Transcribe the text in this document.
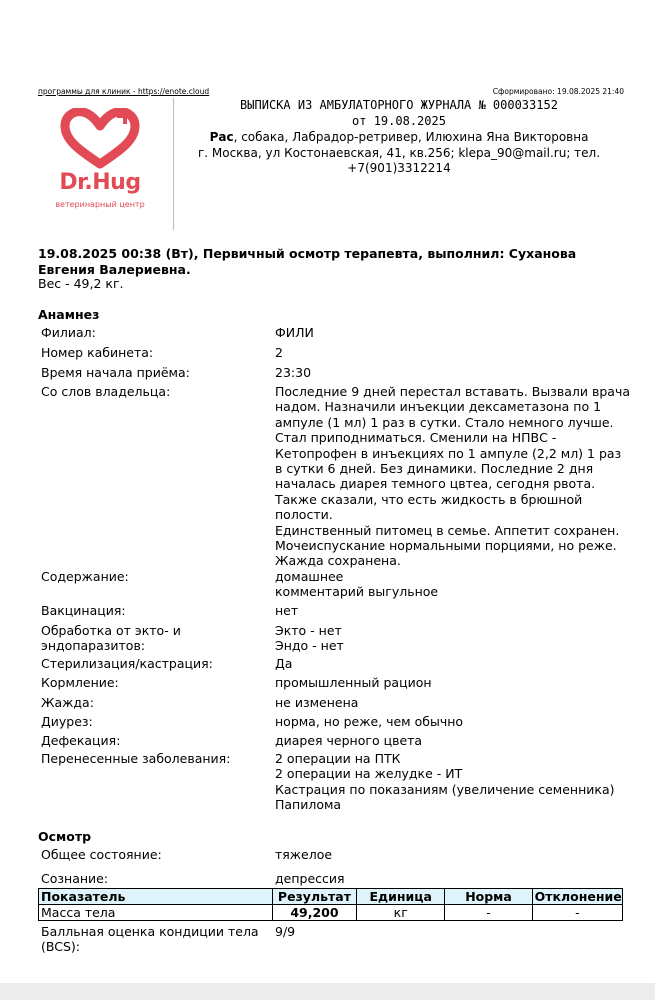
программы для клиник - https://enote.cloud	Сформировано: 19.08.2025 21:40
Dr.Hug
ветеринарный центр
ВЫПИСКА ИЗ АМБУЛАТОРНОГО ЖУРНАЛА № 000033152
от 19.08.2025
Рас, собака, Лабрадор-ретривер, Илюхина Яна Викторовна
г. Москва, ул Костонаевская, 41, кв.256; klepa_90@mail.ru; тел. +7(901)3312214
19.08.2025 00:38 (Вт), Первичный осмотр терапевта, выполнил: Суханова Евгения Валериевна.
Вес - 49,2 кг.
Анамнез
Филиал:	ФИЛИ
Номер кабинета:	2
Время начала приёма:	23:30
Со слов владельца:	Последние 9 дней перестал вставать. Вызвали врача надом. Назначили инъекции дексаметазона по 1 ампуле (1 мл) 1 раз в сутки. Стало немного лучше. Стал приподниматься. Сменили на НПВС - Кетопрофен в инъекциях по 1 ампуле (2,2 мл) 1 раз в сутки 6 дней. Без динамики. Последние 2 дня началась диарея темного цвтеа, сегодня рвота. Также сказали, что есть жидкость в брюшной полости.
Единственный питомец в семье. Аппетит сохранен. Мочеиспускание нормальными порциями, но реже. Жажда сохранена.
Содержание:	домашнее
комментарий выгульное
Вакцинация:	нет
Обработка от экто- и эндопаразитов:
Экто - нет
Эндо - нет
Стерилизация/кастрация:	Да
Кормление:	промышленный рацион
Жажда:	не изменена
Диурез:	норма, но реже, чем обычно
Дефекация:	диарея черного цвета
Перенесенные заболевания:	2 операции на ПТК
2 операции на желудке - ИТ
Кастрация по показаниям (увеличение семенника)
Папилома
Осмотр
Общее состояние:	тяжелое
Сознание:	депрессия
Показатель	Результат	Единица	Норма	Отклонение
Масса тела	49,200	кг	-	-
Балльная оценка кондиции тела (BCS):
9/9
